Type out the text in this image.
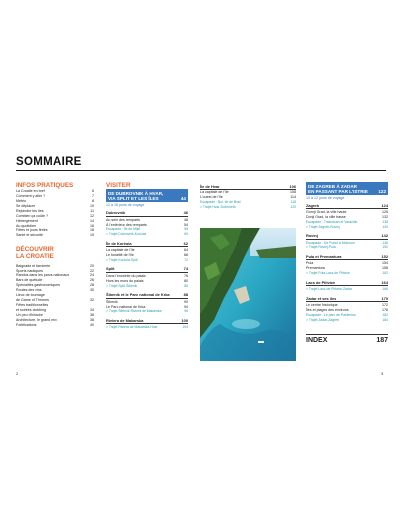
SOMMAIRE
INFOS PRATIQUES
La Croatie en bref	6
Comment y aller ?	7
Météo	8
Se déplacer	10
Rejoindre les îles	11
Combien ça coûte ?	12
Hébergement	14
Au quotidien	16
Fêtes et jours fériés	18
Santé et sécurité	19
DÉCOUVRIR
LA CROATIE
Baignade et farniente	20
Sports nautiques	22
Randos dans les parcs nationaux	24
Bars de quétude	26
Spécialités gastronomiques	28
Routes des vins	30
Lieux de tournage
de Game of Thrones	32
Fêtes traditionnelles
et soirées clubbing	34
Un peu d'histoire	36
Architecture, le grand mix	38
Fortifications	40
VISITER
DE DUBROVNIK À HVAR,
VIA SPLIT ET LES ÎLES	44
12 à 16 jours de voyage
Dubrovnik	46
Au sein des remparts	48
À l'extérieur des remparts	54
Escapade : Île de Mljet	58
> Trajet Dubrovnik-Korčula	60
Île de Korčula	62
La capitale de l'île	64
Le tonalité de l'île	68
> Trajet Korčula-Split	72
Split	74
Dans l'enceinte du palais	76
Hors les murs du palais	80
> Trajet Split-Šibenik	86
Šibenik et le Parc national de Krka	88
Šibenik	90
Le Parc national de Krka	94
> Trajet Šibenik-Riviera de Makarska	96
Riviera de Makarska	100
> Trajet Riviera de Makarska-Hvar	104
Île de Hvar	106
La capitale de l'île	108
L'ouest de l'île	114
Escapade : Bol, île de Brač	118
> Trajet Hvar-Dubrovnik	120
DE ZAGREB À ZADAR
EN PASSANT PAR L'ISTRIE 122
10 à 12 jours de voyage
Zagreb	124
Gornji Grad, la ville haute	126
Donji Grad, la ville basse	132
Escapade : Trakošćan et Varaždin	138
> Trajet Zagreb-Rovinj	140
Rovinj	142
Escapade : De Poreč à Motovun	146
> Trajet Rovinj-Pula	150
Pula et Premantura	152
Pula	154
Premantura	158
> Trajet Pula-Lacs de Plitvice	162
Lacs de Plitvice	164
> Trajet Lacs de Plitvice-Zadar	166
Zadar et ses îles	170
Le centre historique	172
Îles et plages des environs	176
Escapade : Le parc de Paklenica	182
> Trajet Zadar-Zagreb	184
INDEX	187
2	3
